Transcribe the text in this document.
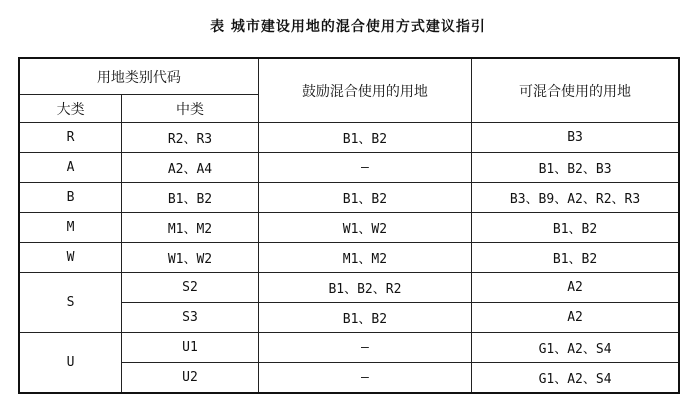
表 城市建设用地的混合使用方式建议指引
用地类别代码		鼓励混合使用的用地	可混合使用的用地
大类	中类		
R	R2、R3	B1、B2	B3
A	A2、A4	—	B1、B2、B3
B	B1、B2	B1、B2	B3、B9、A2、R2、R3
M	M1、M2	W1、W2	B1、B2
W	W1、W2	M1、M2	B1、B2
S	S2	B1、B2、R2	A2
	S3	B1、B2	A2
U	U1	—	G1、A2、S4
	U2	—	G1、A2、S4
